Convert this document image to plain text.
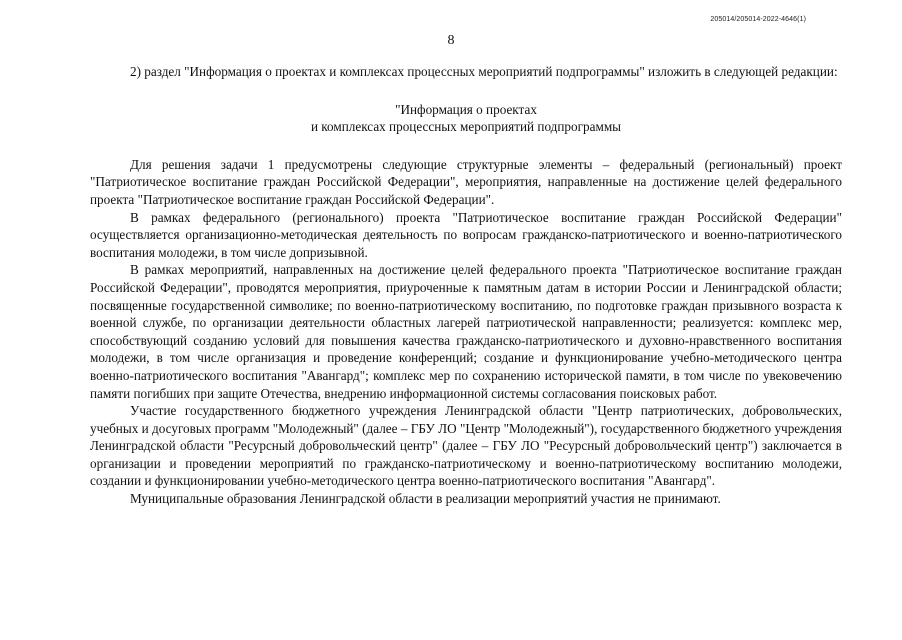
205014/205014-2022-4646(1)
8

2) раздел "Информация о проектах и комплексах процессных мероприятий подпрограммы" изложить в следующей редакции:

"Информация о проектах
и комплексах процессных мероприятий подпрограммы

Для решения задачи 1 предусмотрены следующие структурные элементы – федеральный (региональный) проект "Патриотическое воспитание граждан Российской Федерации", мероприятия, направленные на достижение целей федерального проекта "Патриотическое воспитание граждан Российской Федерации".

В рамках федерального (регионального) проекта "Патриотическое воспитание граждан Российской Федерации" осуществляется организационно-методическая деятельность по вопросам гражданско-патриотического и военно-патриотического воспитания молодежи, в том числе допризывной.

В рамках мероприятий, направленных на достижение целей федерального проекта "Патриотическое воспитание граждан Российской Федерации", проводятся мероприятия, приуроченные к памятным датам в истории России и Ленинградской области; посвященные государственной символике; по военно-патриотическому воспитанию, по подготовке граждан призывного возраста к военной службе, по организации деятельности областных лагерей патриотической направленности; реализуется: комплекс мер, способствующий созданию условий для повышения качества гражданско-патриотического и духовно-нравственного воспитания молодежи, в том числе организация и проведение конференций; создание и функционирование учебно-методического центра военно-патриотического воспитания "Авангард"; комплекс мер по сохранению исторической памяти, в том числе по увековечению памяти погибших при защите Отечества, внедрению информационной системы согласования поисковых работ.

Участие государственного бюджетного учреждения Ленинградской области "Центр патриотических, добровольческих, учебных и досуговых программ "Молодежный" (далее – ГБУ ЛО "Центр "Молодежный"), государственного бюджетного учреждения Ленинградской области "Ресурсный добровольческий центр" (далее – ГБУ ЛО "Ресурсный добровольческий центр") заключается в организации и проведении мероприятий по гражданско-патриотическому и военно-патриотическому воспитанию молодежи, создании и функционировании учебно-методического центра военно-патриотического воспитания "Авангард".

Муниципальные образования Ленинградской области в реализации мероприятий участия не принимают.
